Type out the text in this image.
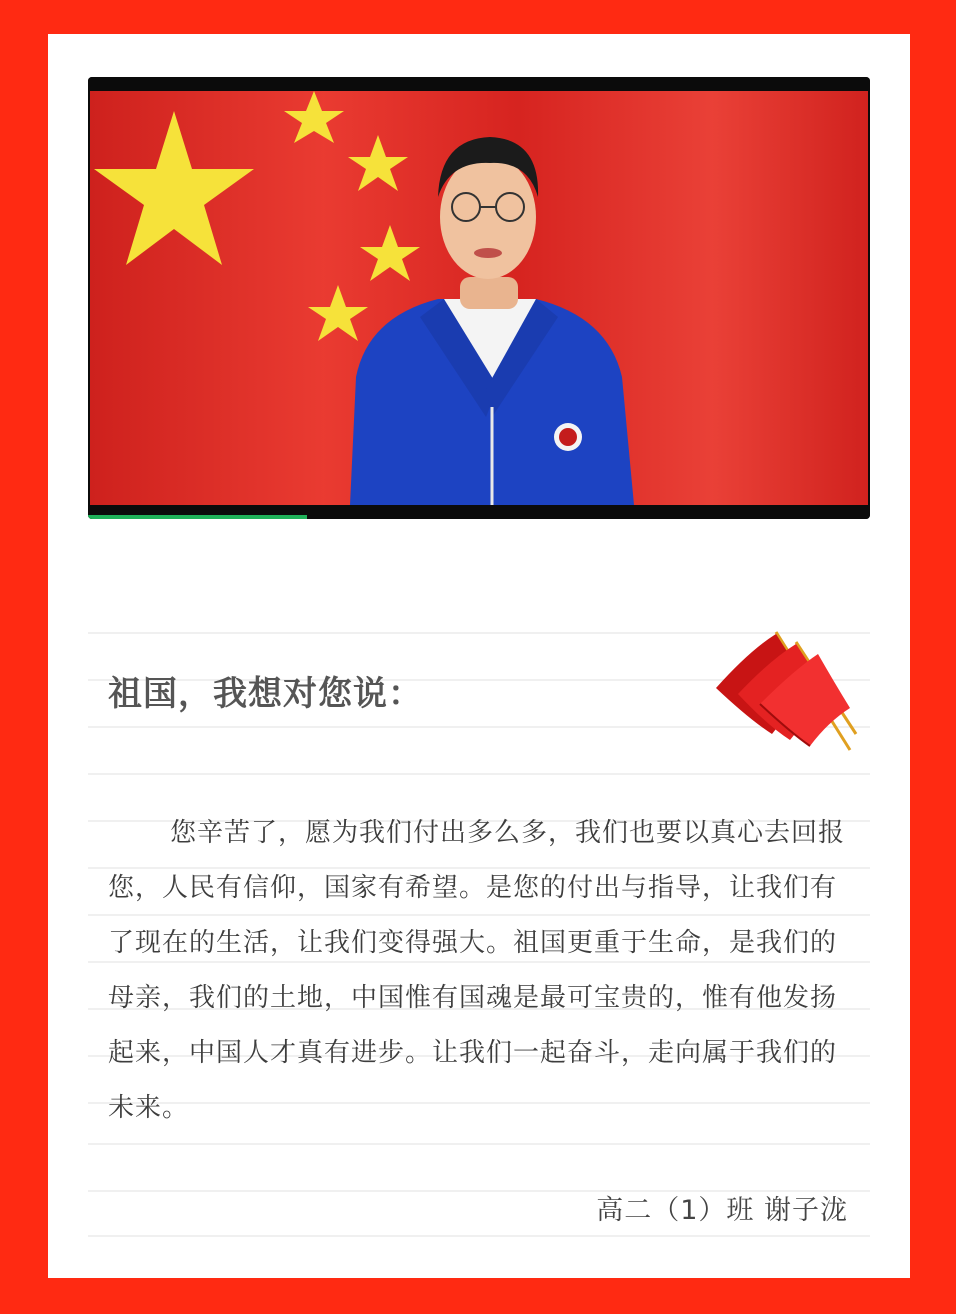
祖国，我想对您说：

您辛苦了，愿为我们付出多么多，我们也要以真心去回报您，人民有信仰，国家有希望。是您的付出与指导，让我们有了现在的生活，让我们变得强大。祖国更重于生命，是我们的母亲，我们的土地，中国惟有国魂是最可宝贵的，惟有他发扬起来，中国人才真有进步。让我们一起奋斗，走向属于我们的未来。

高二（1）班 谢子泷
